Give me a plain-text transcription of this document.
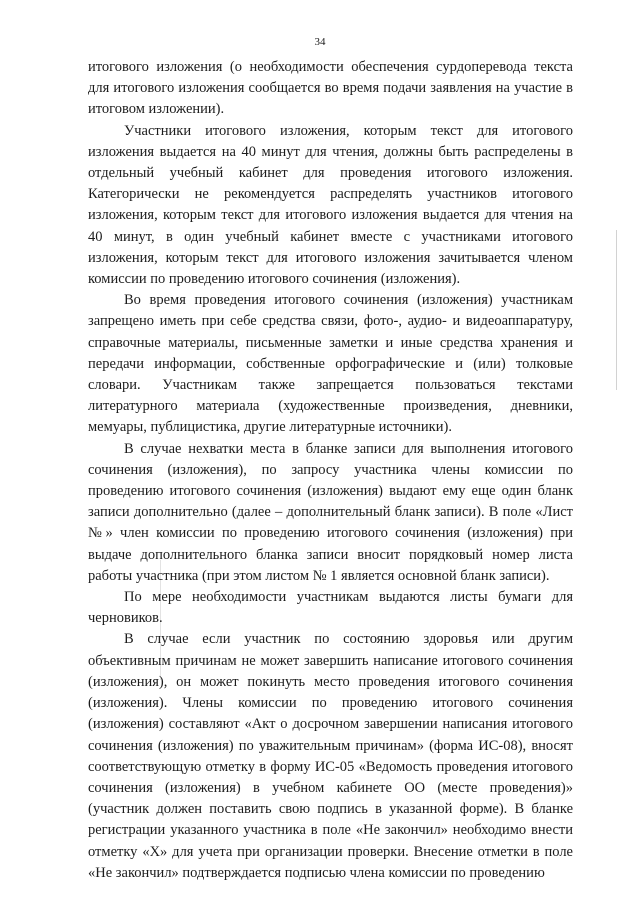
34

итогового изложения (о необходимости обеспечения сурдоперевода текста для итогового изложения сообщается во время подачи заявления на участие в итоговом изложении).

Участники итогового изложения, которым текст для итогового изложения выдается на 40 минут для чтения, должны быть распределены в отдельный учебный кабинет для проведения итогового изложения. Категорически не рекомендуется распределять участников итогового изложения, которым текст для итогового изложения выдается для чтения на 40 минут, в один учебный кабинет вместе с участниками итогового изложения, которым текст для итогового изложения зачитывается членом комиссии по проведению итогового сочинения (изложения).

Во время проведения итогового сочинения (изложения) участникам запрещено иметь при себе средства связи, фото-, аудио- и видеоаппаратуру, справочные материалы, письменные заметки и иные средства хранения и передачи информации, собственные орфографические и (или) толковые словари. Участникам также запрещается пользоваться текстами литературного материала (художественные произведения, дневники, мемуары, публицистика, другие литературные источники).

В случае нехватки места в бланке записи для выполнения итогового сочинения (изложения), по запросу участника члены комиссии по проведению итогового сочинения (изложения) выдают ему еще один бланк записи дополнительно (далее – дополнительный бланк записи). В поле «Лист №» член комиссии по проведению итогового сочинения (изложения) при выдаче дополнительного бланка записи вносит порядковый номер листа работы участника (при этом листом № 1 является основной бланк записи).

По мере необходимости участникам выдаются листы бумаги для черновиков.

В случае если участник по состоянию здоровья или другим объективным причинам не может завершить написание итогового сочинения (изложения), он может покинуть место проведения итогового сочинения (изложения). Члены комиссии по проведению итогового сочинения (изложения) составляют «Акт о досрочном завершении написания итогового сочинения (изложения) по уважительным причинам» (форма ИС-08), вносят соответствующую отметку в форму ИС-05 «Ведомость проведения итогового сочинения (изложения) в учебном кабинете ОО (месте проведения)» (участник должен поставить свою подпись в указанной форме). В бланке регистрации указанного участника в поле «Не закончил» необходимо внести отметку «X» для учета при организации проверки. Внесение отметки в поле «Не закончил» подтверждается подписью члена комиссии по проведению
